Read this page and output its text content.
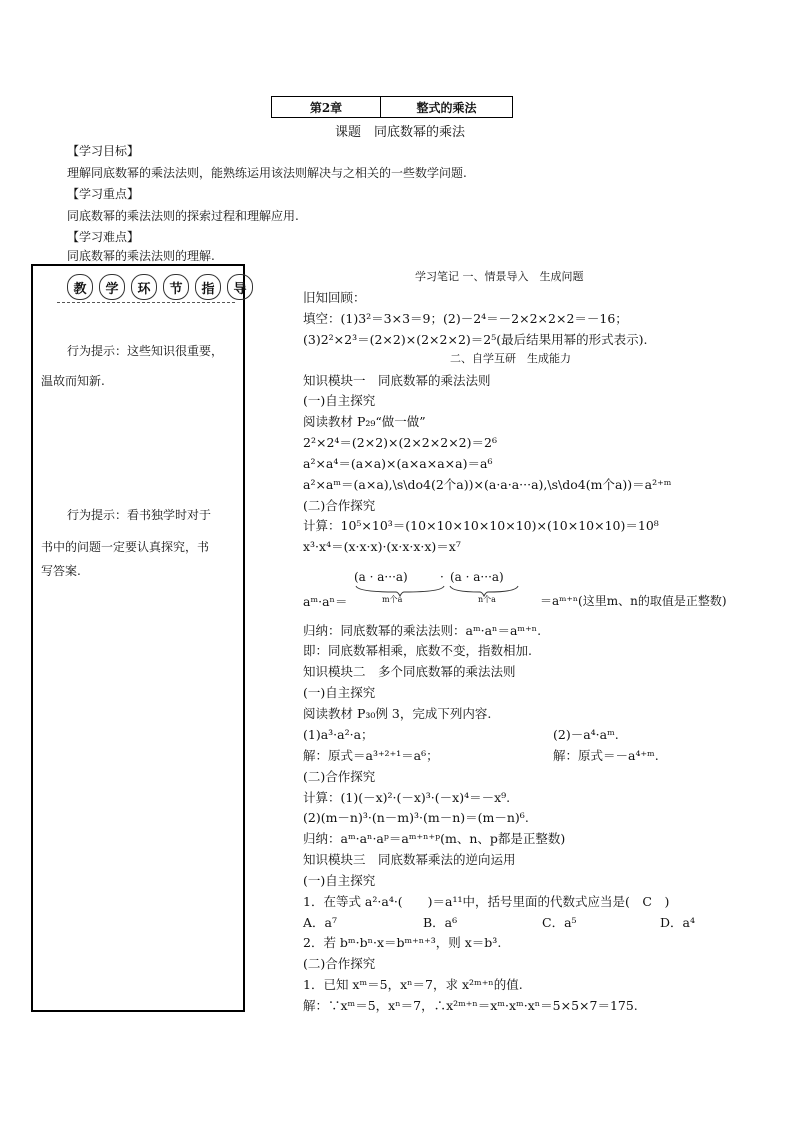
第2章	整式的乘法
课题　同底数幂的乘法
【学习目标】
理解同底数幂的乘法法则，能熟练运用该法则解决与之相关的一些数学问题.
【学习重点】
同底数幂的乘法法则的探索过程和理解应用.
【学习难点】
同底数幂的乘法法则的理解.
教	学	环	节	指	导
行为提示：这些知识很重要，
温故而知新.
行为提示：看书独学时对于
书中的问题一定要认真探究，书
写答案.
学习笔记 一、情景导入　生成问题
旧知回顾：
填空：(1)3²＝3×3＝9；(2)－2⁴＝－2×2×2×2＝－16；
(3)2²×2³＝(2×2)×(2×2×2)＝2⁵(最后结果用幂的形式表示).
二、自学互研　生成能力
知识模块一　同底数幂的乘法法则
(一)自主探究
阅读教材 P₂₉“做一做”
2²×2⁴＝(2×2)×(2×2×2×2)＝2⁶
a²×a⁴＝(a×a)×(a×a×a×a)＝a⁶
a²×aᵐ＝(a×a),\s\do4(2个a))×(a·a·a···a),\s\do4(m个a))＝a²⁺ᵐ
(二)合作探究
计算：10⁵×10³＝(10×10×10×10×10)×(10×10×10)＝10⁸
x³·x⁴＝(x·x·x)·(x·x·x·x)＝x⁷
(a · a···a)	· (a · a···a)
m个a	n个a
aᵐ·aⁿ＝	＝aᵐ⁺ⁿ(这里m、n的取值是正整数)
归纳：同底数幂的乘法法则：aᵐ·aⁿ＝aᵐ⁺ⁿ.
即：同底数幂相乘，底数不变，指数相加.
知识模块二　多个同底数幂的乘法法则
(一)自主探究
阅读教材 P₃₀例 3，完成下列内容.
(1)a³·a²·a；	(2)－a⁴·aᵐ.
解：原式＝a³⁺²⁺¹＝a⁶；	解：原式＝－a⁴⁺ᵐ.
(二)合作探究
计算：(1)(－x)²·(－x)³·(－x)⁴＝－x⁹.
(2)(m－n)³·(n－m)³·(m－n)＝(m－n)⁶.
归纳：aᵐ·aⁿ·aᵖ＝aᵐ⁺ⁿ⁺ᵖ(m、n、p都是正整数)
知识模块三　同底数幂乘法的逆向运用
(一)自主探究
1．在等式 a²·a⁴·(　　)＝a¹¹中，括号里面的代数式应当是(　C　)
A．a⁷	B．a⁶	C．a⁵	D．a⁴
2．若 bᵐ·bⁿ·x＝bᵐ⁺ⁿ⁺³，则 x＝b³.
(二)合作探究
1．已知 xᵐ＝5，xⁿ＝7，求 x²ᵐ⁺ⁿ的值.
解：∵xᵐ＝5，xⁿ＝7，∴x²ᵐ⁺ⁿ＝xᵐ·xᵐ·xⁿ＝5×5×7＝175.
